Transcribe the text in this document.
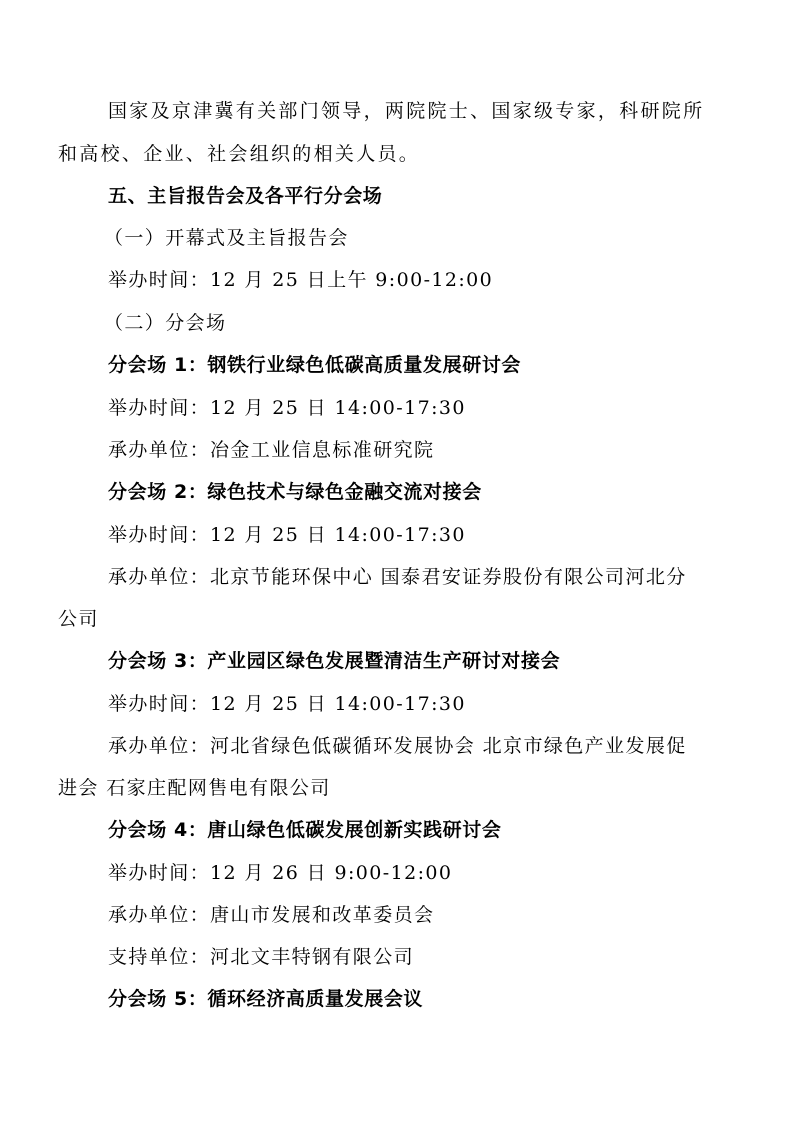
国家及京津冀有关部门领导，两院院士、国家级专家，科研院所
和高校、企业、社会组织的相关人员。
五、主旨报告会及各平行分会场
（一）开幕式及主旨报告会
举办时间：12 月 25 日上午 9:00-12:00
（二）分会场
分会场 1：钢铁行业绿色低碳高质量发展研讨会
举办时间：12 月 25 日 14:00-17:30
承办单位：冶金工业信息标准研究院
分会场 2：绿色技术与绿色金融交流对接会
举办时间：12 月 25 日 14:00-17:30
承办单位：北京节能环保中心 国泰君安证券股份有限公司河北分
公司
分会场 3：产业园区绿色发展暨清洁生产研讨对接会
举办时间：12 月 25 日 14:00-17:30
承办单位：河北省绿色低碳循环发展协会 北京市绿色产业发展促
进会 石家庄配网售电有限公司
分会场 4：唐山绿色低碳发展创新实践研讨会
举办时间：12 月 26 日 9:00-12:00
承办单位：唐山市发展和改革委员会
支持单位：河北文丰特钢有限公司
分会场 5：循环经济高质量发展会议
